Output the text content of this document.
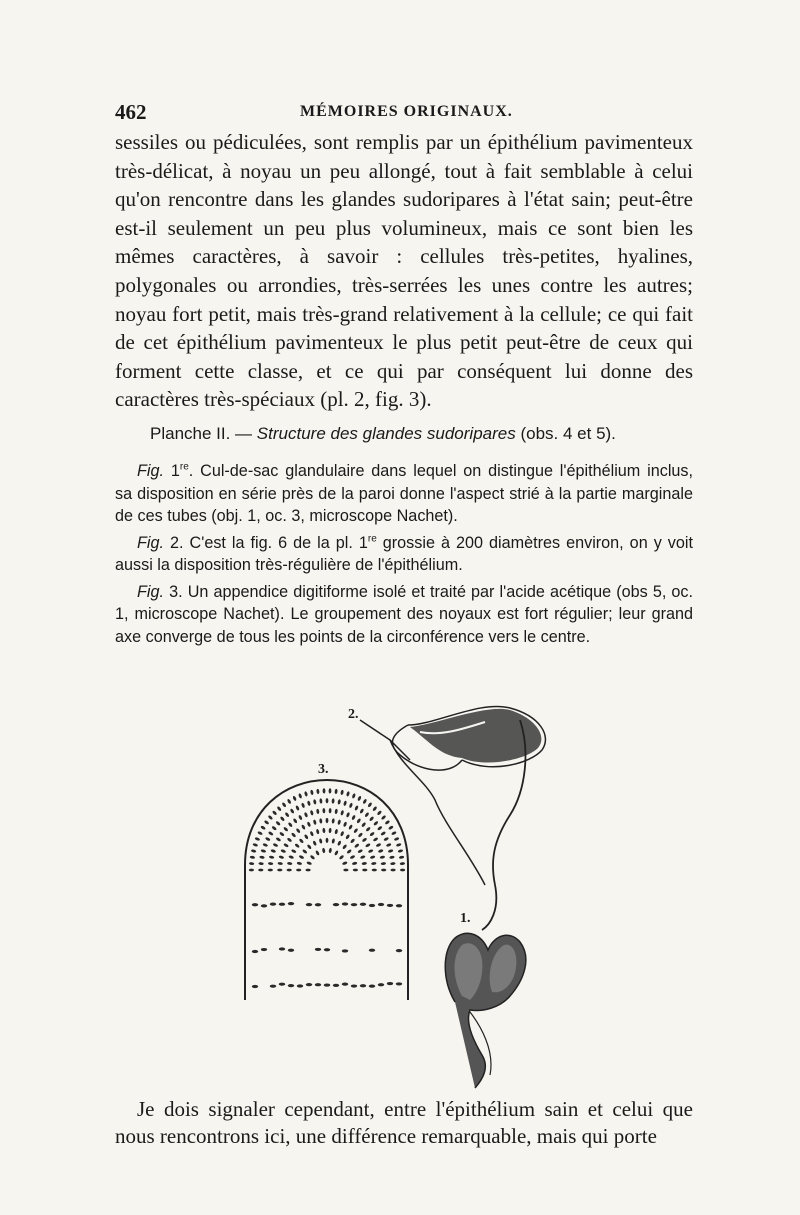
462	MÉMOIRES ORIGINAUX.
sessiles ou pédiculées, sont remplis par un épithélium pavimenteux très-délicat, à noyau un peu allongé, tout à fait semblable à celui qu'on rencontre dans les glandes sudoripares à l'état sain; peut-être est-il seulement un peu plus volumineux, mais ce sont bien les mêmes caractères, à savoir : cellules très-petites, hyalines, polygonales ou arrondies, très-serrées les unes contre les autres; noyau fort petit, mais très-grand relativement à la cellule; ce qui fait de cet épithélium pavimenteux le plus petit peut-être de ceux qui forment cette classe, et ce qui par conséquent lui donne des caractères très-spéciaux (pl. 2, fig. 3).
Planche II. — Structure des glandes sudoripares (obs. 4 et 5).

Fig. 1re. Cul-de-sac glandulaire dans lequel on distingue l'épithélium inclus, sa disposition en série près de la paroi donne l'aspect strié à la partie marginale de ces tubes (obj. 1, oc. 3, microscope Nachet).

Fig. 2. C'est la fig. 6 de la pl. 1re grossie à 200 diamètres environ, on y voit aussi la disposition très-régulière de l'épithélium.

Fig. 3. Un appendice digitiforme isolé et traité par l'acide acétique (obs 5, oc. 1, microscope Nachet). Le groupement des noyaux est fort régulier; leur grand axe converge de tous les points de la circonférence vers le centre.

3.
2.
1.

Je dois signaler cependant, entre l'épithélium sain et celui que nous rencontrons ici, une différence remarquable, mais qui porte
